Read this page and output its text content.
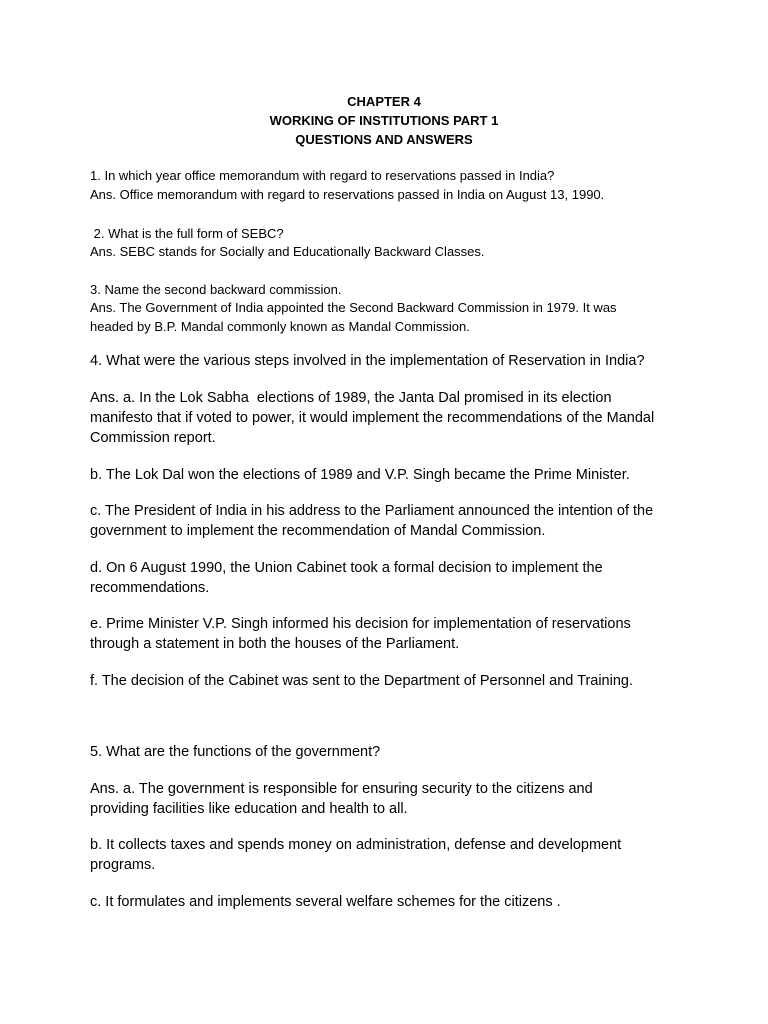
CHAPTER 4
WORKING OF INSTITUTIONS PART 1
QUESTIONS AND ANSWERS
1. In which year office memorandum with regard to reservations passed in India?
Ans. Office memorandum with regard to reservations passed in India on August 13, 1990.
2. What is the full form of SEBC?
Ans. SEBC stands for Socially and Educationally Backward Classes.
3. Name the second backward commission.
Ans. The Government of India appointed the Second Backward Commission in 1979. It was
headed by B.P. Mandal commonly known as Mandal Commission.
4. What were the various steps involved in the implementation of Reservation in India?
Ans. a. In the Lok Sabha  elections of 1989, the Janta Dal promised in its election
manifesto that if voted to power, it would implement the recommendations of the Mandal
Commission report.
b. The Lok Dal won the elections of 1989 and V.P. Singh became the Prime Minister.
c. The President of India in his address to the Parliament announced the intention of the
government to implement the recommendation of Mandal Commission.
d. On 6 August 1990, the Union Cabinet took a formal decision to implement the
recommendations.
e. Prime Minister V.P. Singh informed his decision for implementation of reservations
through a statement in both the houses of the Parliament.
f. The decision of the Cabinet was sent to the Department of Personnel and Training.
5. What are the functions of the government?
Ans. a. The government is responsible for ensuring security to the citizens and
providing facilities like education and health to all.
b. It collects taxes and spends money on administration, defense and development
programs.
c. It formulates and implements several welfare schemes for the citizens .
